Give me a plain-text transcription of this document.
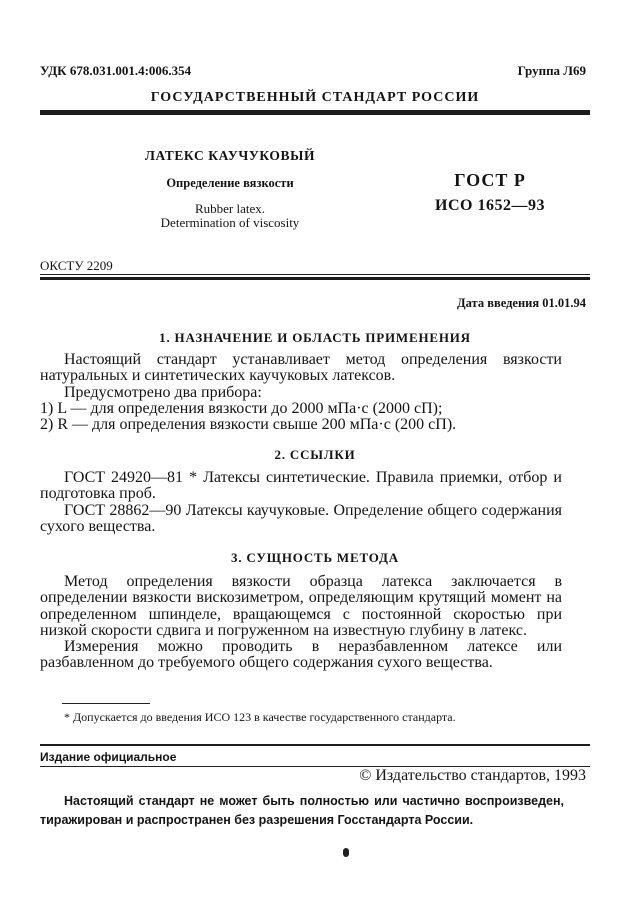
УДК 678.031.001.4:006.354	Группа Л69
ГОСУДАРСТВЕННЫЙ СТАНДАРТ РОССИИ
ЛАТЕКС КАУЧУКОВЫЙ
Определение вязкости
Rubber latex.
Determination of viscosity
ГОСТ Р
ИСО 1652—93
ОКСТУ 2209
Дата введения 01.01.94
1. НАЗНАЧЕНИЕ И ОБЛАСТЬ ПРИМЕНЕНИЯ

Настоящий стандарт устанавливает метод определения вязкости натуральных и синтетических каучуковых латексов.

Предусмотрено два прибора:

1) L — для определения вязкости до 2000 мПа·с (2000 сП);

2) R — для определения вязкости свыше 200 мПа·с (200 сП).

2. ССЫЛКИ

ГОСТ 24920—81 * Латексы синтетические. Правила приемки, отбор и подготовка проб.

ГОСТ 28862—90 Латексы каучуковые. Определение общего содержания сухого вещества.

3. СУЩНОСТЬ МЕТОДА

Метод определения вязкости образца латекса заключается в определении вязкости вискозиметром, определяющим крутящий момент на определенном шпинделе, вращающемся с постоянной скоростью при низкой скорости сдвига и погруженном на известную глубину в латекс.

Измерения можно проводить в неразбавленном латексе или разбавленном до требуемого общего содержания сухого вещества.

* Допускается до введения ИСО 123 в качестве государственного стандарта.
Издание официальное
© Издательство стандартов, 1993
Настоящий стандарт не может быть полностью или частично воспроизведен, тиражирован и распространен без разрешения Госстандарта России.
